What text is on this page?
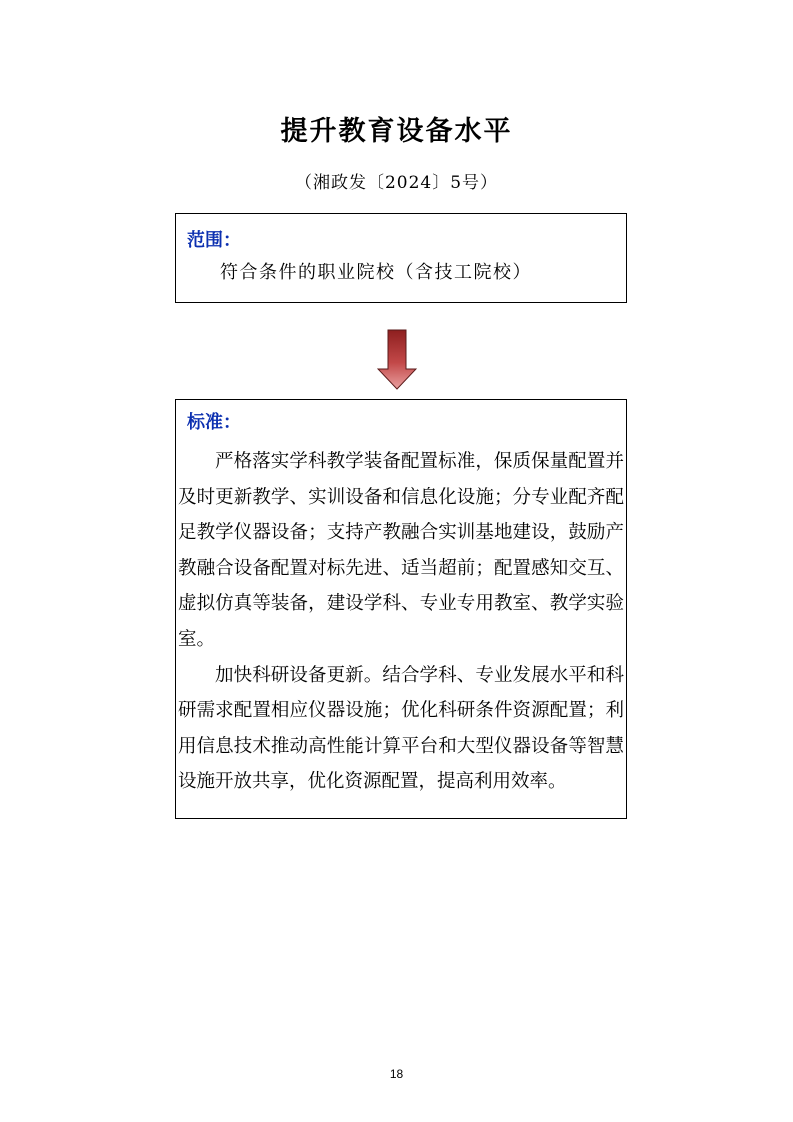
提升教育设备水平
（湘政发〔2024〕5号）
范围：
符合条件的职业院校（含技工院校）
标准：

严格落实学科教学装备配置标准，保质保量配置并及时更新教学、实训设备和信息化设施；分专业配齐配足教学仪器设备；支持产教融合实训基地建设，鼓励产教融合设备配置对标先进、适当超前；配置感知交互、虚拟仿真等装备，建设学科、专业专用教室、教学实验室。

加快科研设备更新。结合学科、专业发展水平和科研需求配置相应仪器设施；优化科研条件资源配置；利用信息技术推动高性能计算平台和大型仪器设备等智慧设施开放共享，优化资源配置，提高利用效率。

18
